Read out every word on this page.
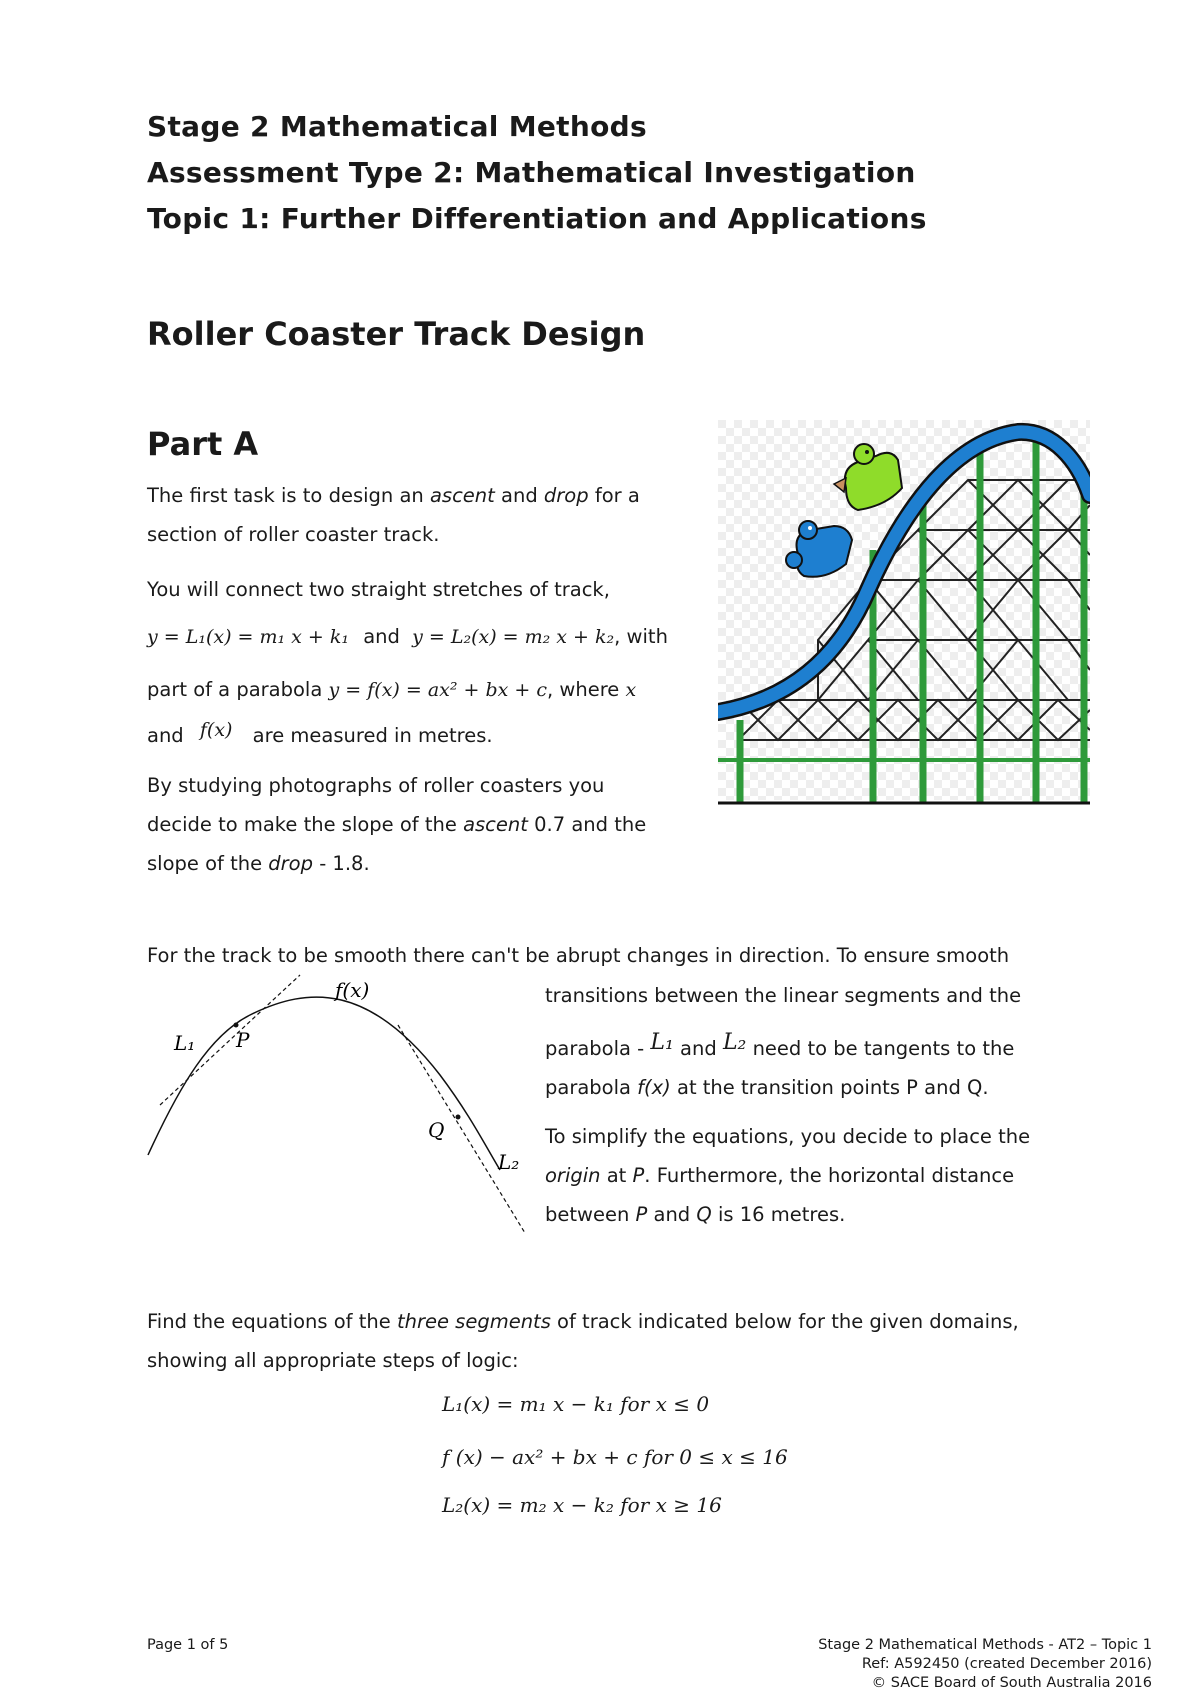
Stage 2 Mathematical Methods
Assessment Type 2: Mathematical Investigation
Topic 1: Further Differentiation and Applications
Roller Coaster Track Design
Part A
The first task is to design an ascent and drop for a
section of roller coaster track.
You will connect two straight stretches of track,
y = L₁(x) = m₁ x + k₁ and y = L₂(x) = m₂ x + k₂, with
part of a parabola y = f(x) = ax² + bx + c, where x
and f(x) are measured in metres.
By studying photographs of roller coasters you
decide to make the slope of the ascent 0.7 and the
slope of the drop - 1.8.
For the track to be smooth there can't be abrupt changes in direction. To ensure smooth
transitions between the linear segments and the
parabola - L₁ and L₂ need to be tangents to the
parabola f(x) at the transition points P and Q.
To simplify the equations, you decide to place the
origin at P. Furthermore, the horizontal distance
between P and Q is 16 metres.
f(x)
L₁ P
Q
L₂
Find the equations of the three segments of track indicated below for the given domains,
showing all appropriate steps of logic:
L₁(x) = m₁ x − k₁ for x ≤ 0
f (x) − ax² + bx + c for 0 ≤ x ≤ 16
L₂(x) = m₂ x − k₂ for x ≥ 16
Page 1 of 5	Stage 2 Mathematical Methods - AT2 – Topic 1
Ref: A592450 (created December 2016)
© SACE Board of South Australia 2016
